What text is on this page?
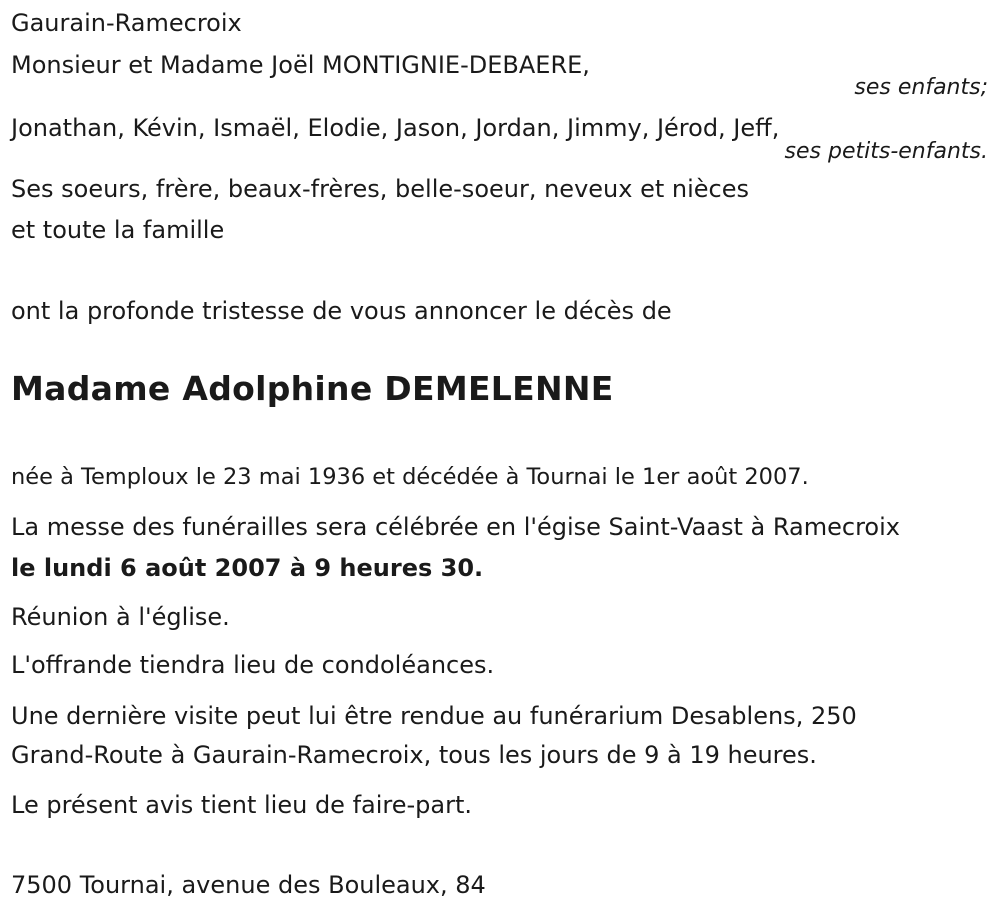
Gaurain-Ramecroix
Monsieur et Madame Joël MONTIGNIE-DEBAERE,
ses enfants;
Jonathan, Kévin, Ismaël, Elodie, Jason, Jordan, Jimmy, Jérod, Jeff,
ses petits-enfants.
Ses soeurs, frère, beaux-frères, belle-soeur, neveux et nièces
et toute la famille
ont la profonde tristesse de vous annoncer le décès de
Madame Adolphine DEMELENNE
née à Temploux le 23 mai 1936 et décédée à Tournai le 1er août 2007.
La messe des funérailles sera célébrée en l'égise Saint-Vaast à Ramecroix
le lundi 6 août 2007 à 9 heures 30.
Réunion à l'église.
L'offrande tiendra lieu de condoléances.
Une dernière visite peut lui être rendue au funérarium Desablens, 250
Grand-Route à Gaurain-Ramecroix, tous les jours de 9 à 19 heures.
Le présent avis tient lieu de faire-part.
7500 Tournai, avenue des Bouleaux, 84
